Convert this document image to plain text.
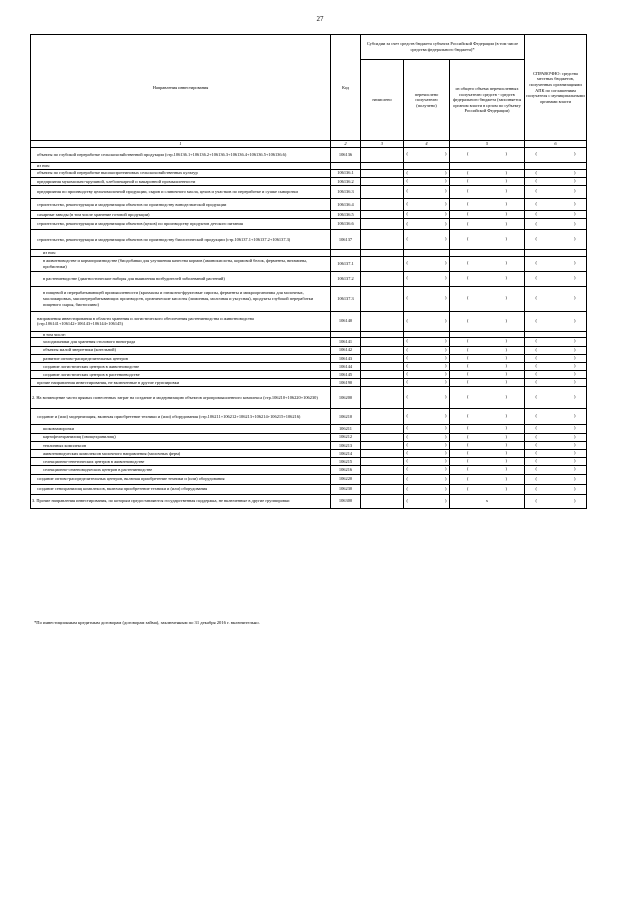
27
Направления инвестирования	Код	Субсидии за счет средств бюджета субъекта Российской Федерации (в том числе средства федерального бюджета)*			СПРАВОЧНО: средства местных бюджетов, полученных организациями АПК по соглашениям получателя с муниципальными органами власти
		начислено	перечислено получателю (получено)	из общего объема перечисленных получателю средств - средств федерального бюджета (заполняется органом власти в целом по субъекту Российской Федерации)	
1	2	3	4	5	6
объекты по глубокой переработке сельскохозяйственной продукции (стр.106136.1+106136.2+106136.3+106136.4+106136.5+106136.6)	106136		( )	( )	( )
из них:					
объекты по глубокой переработке высокопротеиновых сельскохозяйственных культур	106136.1		( )	( )	( )
предприятия мукомольно-крупяной, хлебопекарной и макаронной промышленности	106136.2		( )	( )	( )
предприятия по производству цельномолочной продукции, сыров и сливочного масла, цехов и участков по переработке и сушке сыворотки	106136.3		( )	( )	( )
строительство, реконструкция и модернизация объектов по производству винодельческой продукции	106136.4		( )	( )	( )
сахарные заводы (в том числе хранение готовой продукции)	106136.5		( )	( )	( )
строительство, реконструкция и модернизация объектов (цехов) по производству продуктов детского питания	106136.6		( )	( )	( )
строительство, реконструкция и модернизация объектов по производству биологической продукции (стр.106137.1+106137.2+106137.3)	106137		( )	( )	( )
из них:					
в животноводстве и кормопроизводстве (биодобавки для улучшения качества кормов (аминокислоты, кормовой белок, ферменты, витамины, пробиотики)	106137.1		( )	( )	( )
в растениеводстве (диагностические наборы для выявления возбудителей заболеваний растений)	106137.2		( )	( )	( )
в пищевой и перерабатывающей промышленности (крахмалы и глюкозно-фруктовые сиропы, ферменты и микроорганизмы для молочных, масложировых, мясоперерабатывающих производств, органические кислоты (лимонная, молочная и уксусная), продукты глубокой переработки пищевого сырья, биотопливо)	106137.3		( )	( )	( )
направления инвестирования в области хранения и логистического обеспечения растениеводства и животноводства (стр.106141+106142+106143+106144+106145)	106140		( )	( )	( )
в том числе:					
холодильники для хранения столового винограда	106141		( )	( )	( )
объекты малой энергетики (котельной)	106142		( )	( )	( )
развитие оптово-распределительных центров	106143		( )	( )	( )
создание логистических центров в животноводстве	106144		( )	( )	( )
создание логистических центров в растениеводстве	106145		( )	( )	( )
прочие направления инвестирования, не включенные в другие группировки	106190		( )	( )	( )
2. На возмещение части прямых понесенных затрат на создание и модернизацию объектов агропромышленного комплекса (стр.106210+106220+106230)	106200		( )	( )	( )
создание и (или) модернизация, включая приобретение техники и (или) оборудования (стр.106211+106212+106213+106214+106215+106216)	106210		( )	( )	( )
шоковзаморозки	106211		( )	( )	( )
картофелехранилищ (овощехранилищ)	106212		( )	( )	( )
тепличных комплексов	106213		( )	( )	( )
животноводческих комплексов молочного направления (молочных ферм)	106214		( )	( )	( )
селекционно-генетических центров в животноводстве	106215		( )	( )	( )
селекционно-семеноводческих центров в растениеводстве	106216		( )	( )	( )
создание оптово-распределительных центров, включая приобретение техники и (или) оборудования	106220		( )	( )	( )
создание сенохранилищ комплексов, включая приобретение техники и (или) оборудования	106230		( )	( )	( )
3. Прочие направления инвестирования, по которым предоставляются государственная поддержка, не включенные в другие группировки	106300		( )	x	( )
*По инвестиционным кредитным договорам (договорам займа), заключенным по 31 декабря 2016 г. включительно.
